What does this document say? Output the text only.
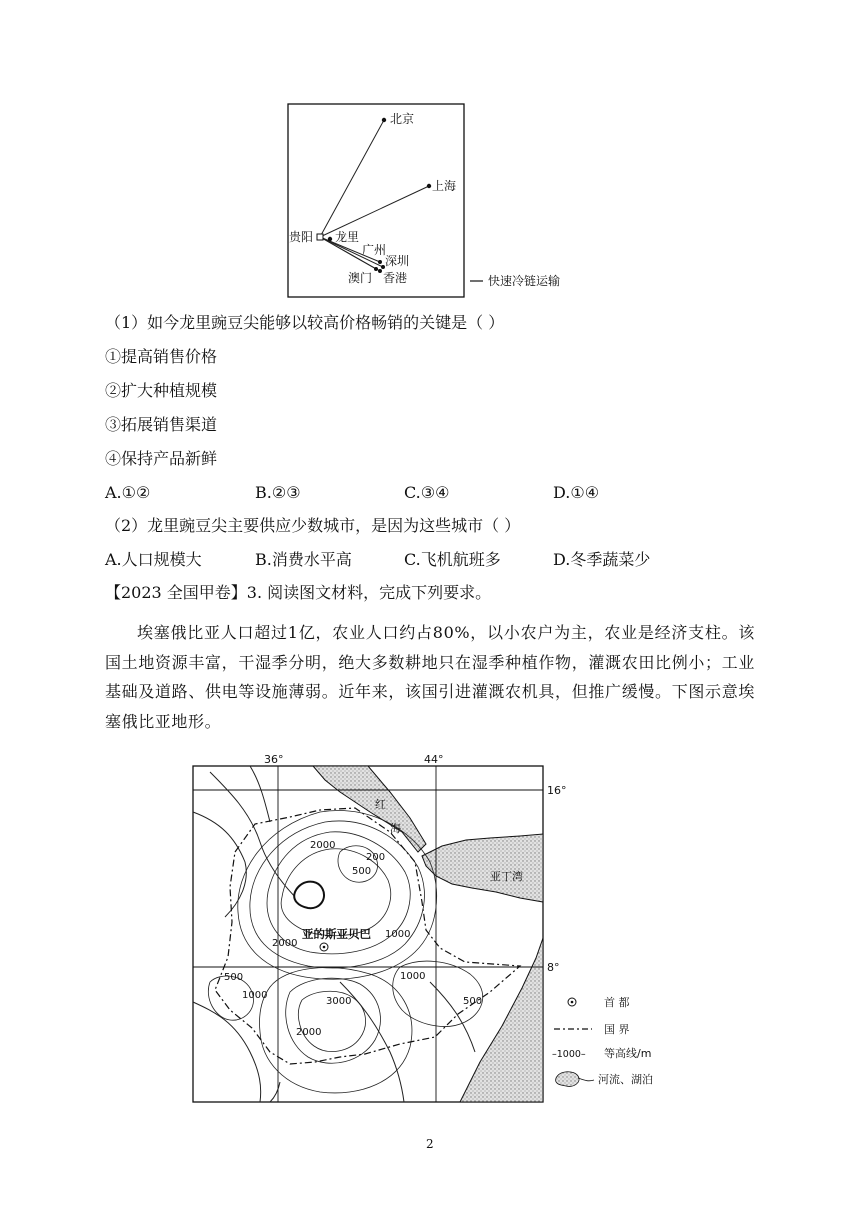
北京
上海
贵阳 龙里
广州
深圳
澳门 香港	快速冷链运输
（1）如今龙里豌豆尖能够以较高价格畅销的关键是（ ）
①提高销售价格
②扩大种植规模
③拓展销售渠道
④保持产品新鲜
A.①②	B.②③	C.③④	D.①④
（2）龙里豌豆尖主要供应少数城市，是因为这些城市（ ）
A.人口规模大	B.消费水平高	C.飞机航班多	D.冬季蔬菜少
【2023 全国甲卷】3. 阅读图文材料，完成下列要求。
埃塞俄比亚人口超过1亿，农业人口约占80%，以小农户为主，农业是经济支柱。该国土地资源丰富，干湿季分明，绝大多数耕地只在湿季种植作物，灌溉农田比例小；工业基础及道路、供电等设施薄弱。近年来，该国引进灌溉农机具，但推广缓慢。下图示意埃塞俄比亚地形。
36°	44°
16°
8°
红
海
亚丁湾
亚的斯亚贝巴
2000
200
500
2000
1000
500
1000
1000
3000	500
2000
首 都
国 界
–1000– 等高线/m
河流、湖泊
2
